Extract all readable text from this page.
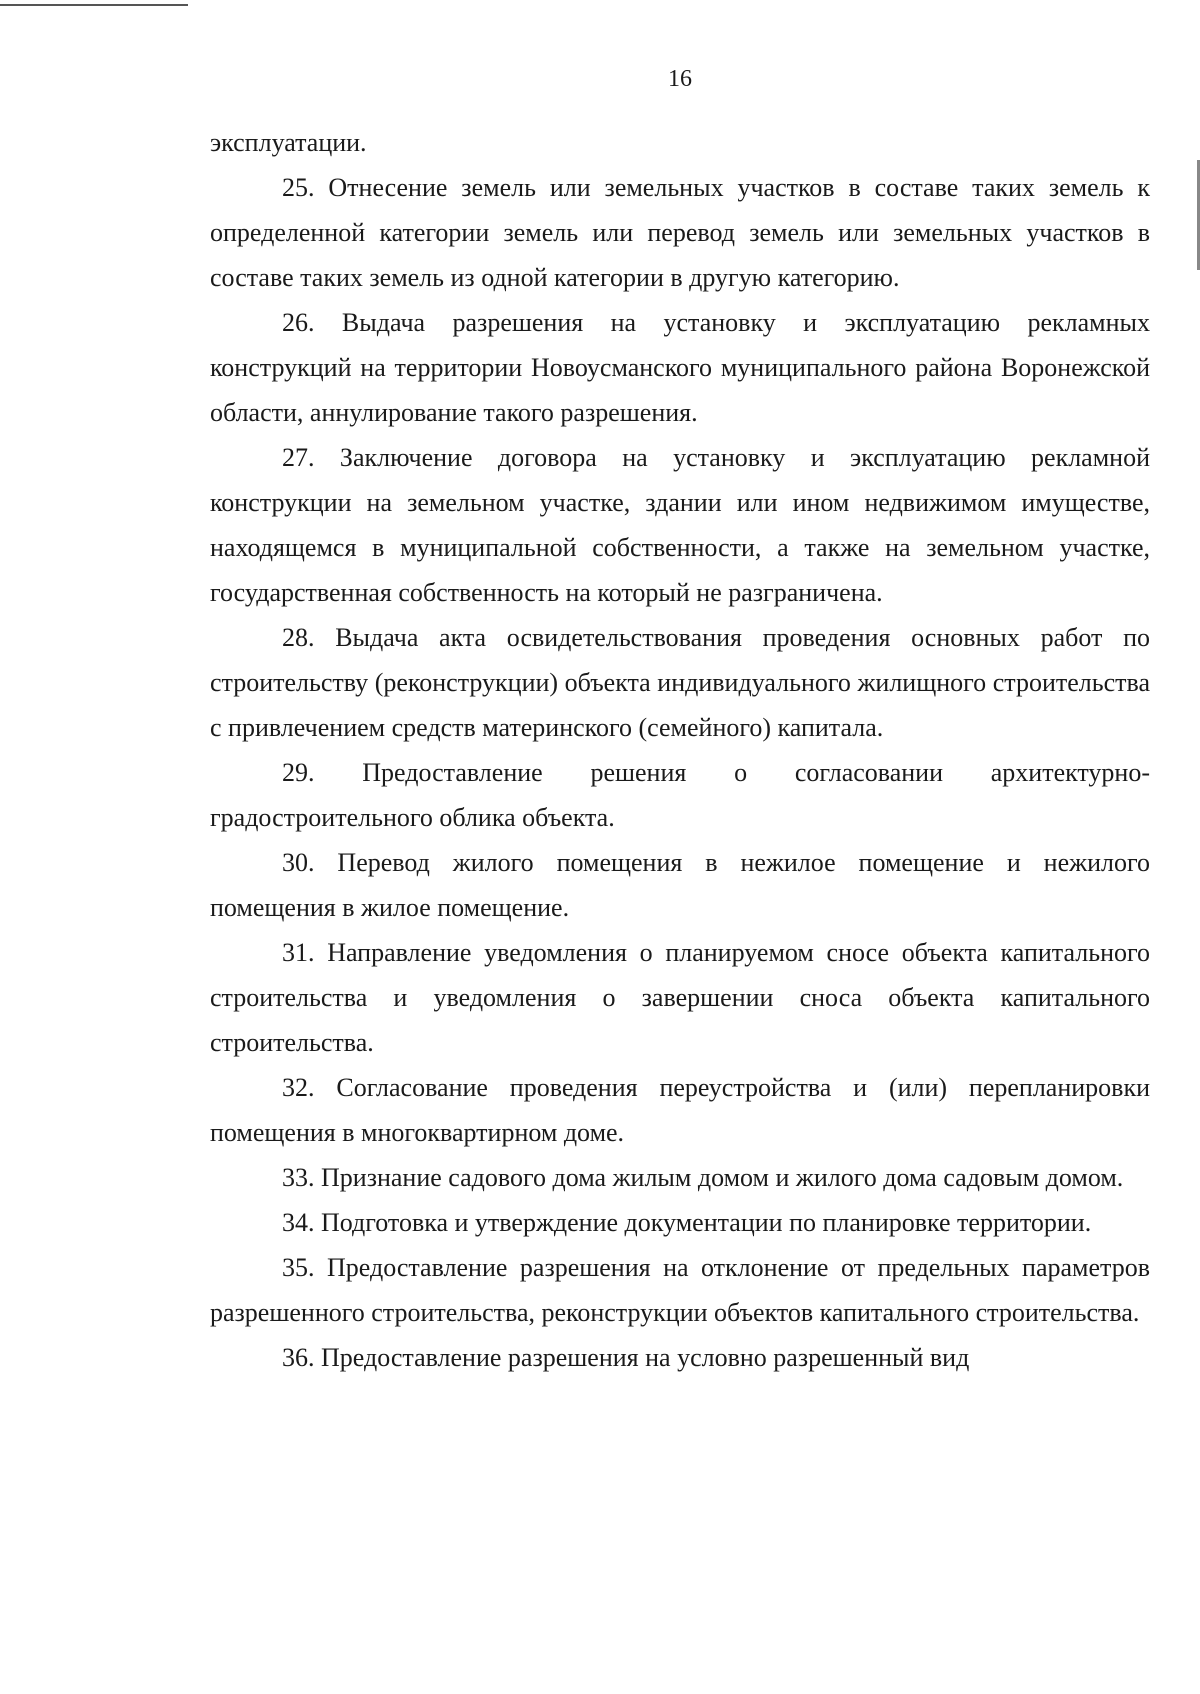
16

эксплуатации.

25. Отнесение земель или земельных участков в составе таких земель к определенной категории земель или перевод земель или земельных участков в составе таких земель из одной категории в другую категорию.

26. Выдача разрешения на установку и эксплуатацию рекламных конструкций на территории Новоусманского муниципального района Воронежской области, аннулирование такого разрешения.

27. Заключение договора на установку и эксплуатацию рекламной конструкции на земельном участке, здании или ином недвижимом имуществе, находящемся в муниципальной собственности, а также на земельном участке, государственная собственность на который не разграничена.

28. Выдача акта освидетельствования проведения основных работ по строительству (реконструкции) объекта индивидуального жилищного строительства с привлечением средств материнского (семейного) капитала.

29. Предоставление решения о согласовании архитектурно-градостроительного облика объекта.

30. Перевод жилого помещения в нежилое помещение и нежилого помещения в жилое помещение.

31. Направление уведомления о планируемом сносе объекта капитального строительства и уведомления о завершении сноса объекта капитального строительства.

32. Согласование проведения переустройства и (или) перепланировки помещения в многоквартирном доме.

33. Признание садового дома жилым домом и жилого дома садовым домом.

34. Подготовка и утверждение документации по планировке территории.

35. Предоставление разрешения на отклонение от предельных параметров разрешенного строительства, реконструкции объектов капитального строительства.

36. Предоставление разрешения на условно разрешенный вид
